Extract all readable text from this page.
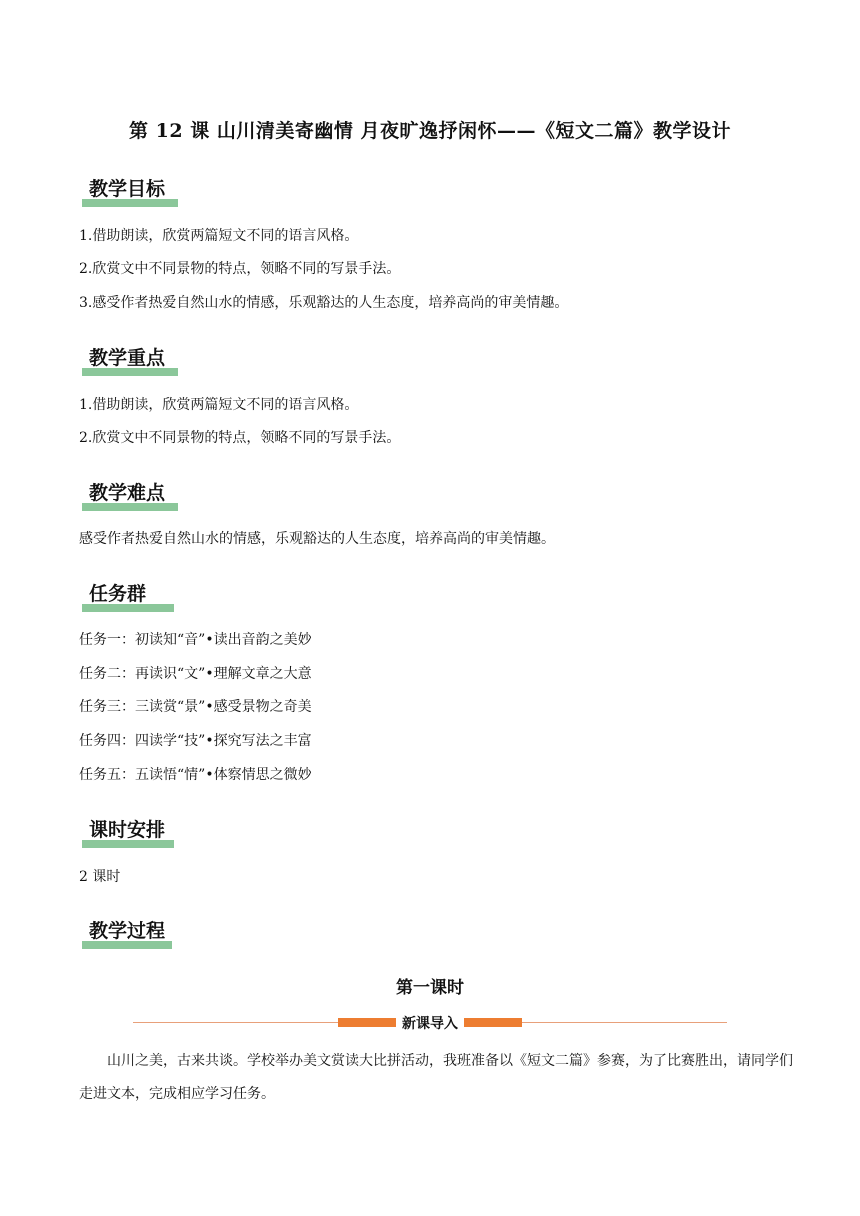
第 12 课 山川清美寄幽情 月夜旷逸抒闲怀——《短文二篇》教学设计
教学目标
1.借助朗读，欣赏两篇短文不同的语言风格。
2.欣赏文中不同景物的特点，领略不同的写景手法。
3.感受作者热爱自然山水的情感，乐观豁达的人生态度，培养高尚的审美情趣。
教学重点
1.借助朗读，欣赏两篇短文不同的语言风格。
2.欣赏文中不同景物的特点，领略不同的写景手法。
教学难点
感受作者热爱自然山水的情感，乐观豁达的人生态度，培养高尚的审美情趣。
任务群
任务一：初读知“音”•读出音韵之美妙
任务二：再读识“文”•理解文章之大意
任务三：三读赏“景”•感受景物之奇美
任务四：四读学“技”•探究写法之丰富
任务五：五读悟“情”•体察情思之微妙
课时安排
2 课时
教学过程
第一课时
新课导入
山川之美，古来共谈。学校举办美文赏读大比拼活动，我班准备以《短文二篇》参赛，为了比赛胜出，请同学们走进文本，完成相应学习任务。
